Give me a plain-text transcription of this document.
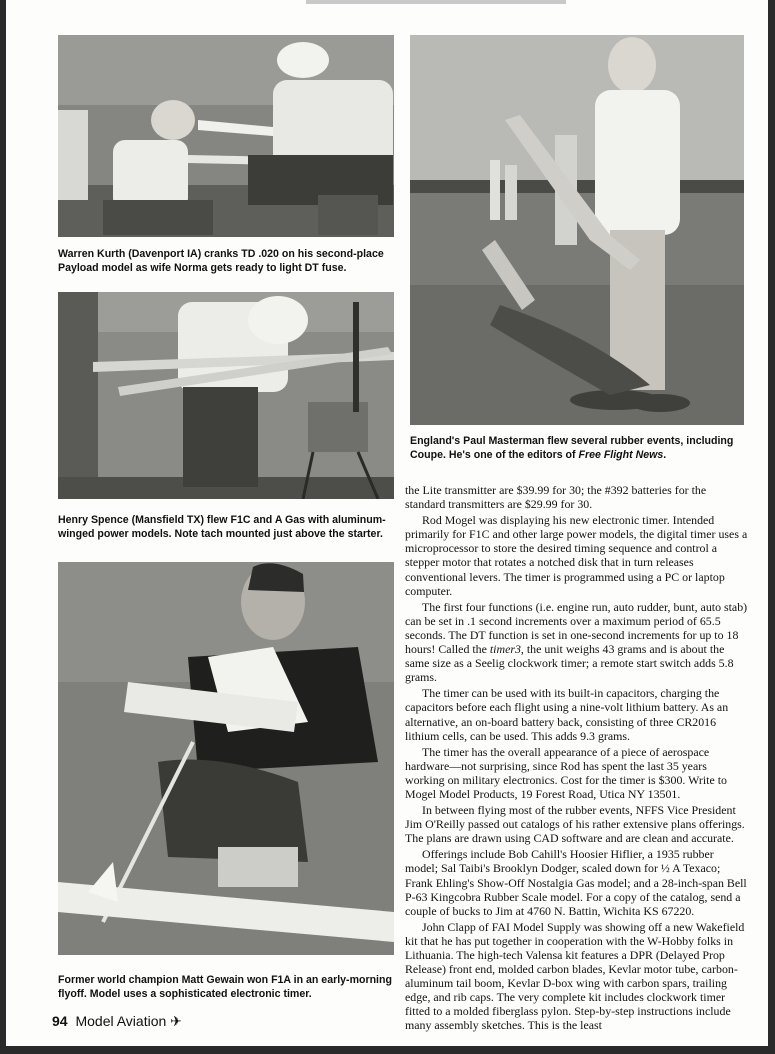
Warren Kurth (Davenport IA) cranks TD .020 on his second-place Payload model as wife Norma gets ready to light DT fuse.

Henry Spence (Mansfield TX) flew F1C and A Gas with aluminum-winged power models. Note tach mounted just above the starter.

Former world champion Matt Gewain won F1A in an early-morning flyoff. Model uses a sophisticated electronic timer.

England's Paul Masterman flew several rubber events, including Coupe. He's one of the editors of Free Flight News.

the Lite transmitter are $39.99 for 30; the #392 batteries for the standard transmitters are $29.99 for 30.

Rod Mogel was displaying his new electronic timer. Intended primarily for F1C and other large power models, the digital timer uses a microprocessor to store the desired timing sequence and control a stepper motor that rotates a notched disk that in turn releases conventional levers. The timer is programmed using a PC or laptop computer.

The first four functions (i.e. engine run, auto rudder, bunt, auto stab) can be set in .1 second increments over a maximum period of 65.5 seconds. The DT function is set in one-second increments for up to 18 hours! Called the timer3, the unit weighs 43 grams and is about the same size as a Seelig clockwork timer; a remote start switch adds 5.8 grams.

The timer can be used with its built-in capacitors, charging the capacitors before each flight using a nine-volt lithium battery. As an alternative, an on-board battery back, consisting of three CR2016 lithium cells, can be used. This adds 9.3 grams.

The timer has the overall appearance of a piece of aerospace hardware—not surprising, since Rod has spent the last 35 years working on military electronics. Cost for the timer is $300. Write to Mogel Model Products, 19 Forest Road, Utica NY 13501.

In between flying most of the rubber events, NFFS Vice President Jim O'Reilly passed out catalogs of his rather extensive plans offerings. The plans are drawn using CAD software and are clean and accurate.

Offerings include Bob Cahill's Hoosier Hiflier, a 1935 rubber model; Sal Taibi's Brooklyn Dodger, scaled down for ½ A Texaco; Frank Ehling's Show-Off Nostalgia Gas model; and a 28-inch-span Bell P-63 Kingcobra Rubber Scale model. For a copy of the catalog, send a couple of bucks to Jim at 4760 N. Battin, Wichita KS 67220.

John Clapp of FAI Model Supply was showing off a new Wakefield kit that he has put together in cooperation with the W-Hobby folks in Lithuania. The high-tech Valensa kit features a DPR (Delayed Prop Release) front end, molded carbon blades, Kevlar motor tube, carbon-aluminum tail boom, Kevlar D-box wing with carbon spars, trailing edge, and rib caps. The very complete kit includes clockwork timer fitted to a molded fiberglass pylon. Step-by-step instructions include many assembly sketches. This is the least

94 Model Aviation ✈
